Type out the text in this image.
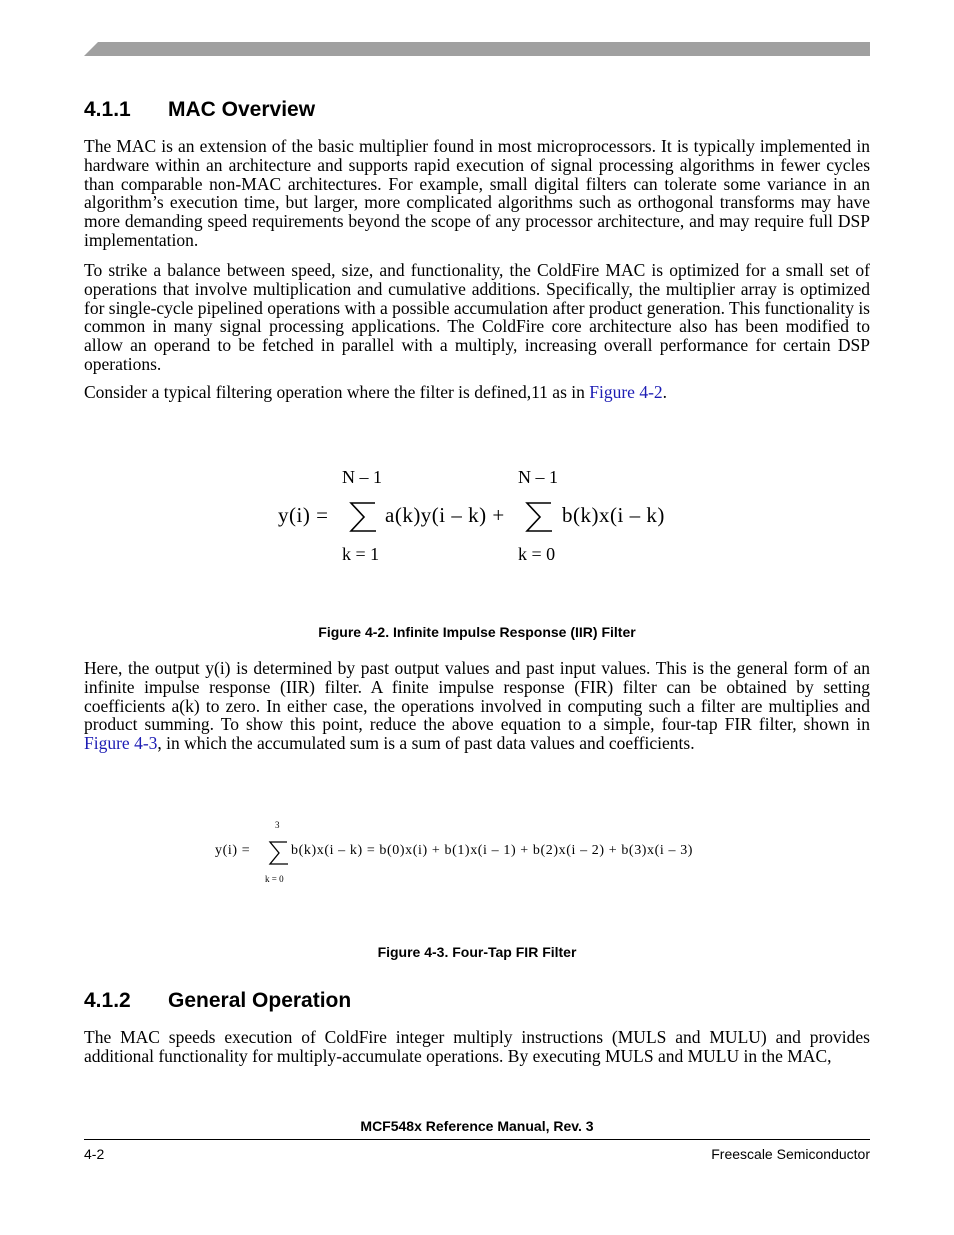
4.1.1 MAC Overview

The MAC is an extension of the basic multiplier found in most microprocessors. It is typically implemented in hardware within an architecture and supports rapid execution of signal processing algorithms in fewer cycles than comparable non-MAC architectures. For example, small digital filters can tolerate some variance in an algorithm’s execution time, but larger, more complicated algorithms such as orthogonal transforms may have more demanding speed requirements beyond the scope of any processor architecture, and may require full DSP implementation.

To strike a balance between speed, size, and functionality, the ColdFire MAC is optimized for a small set of operations that involve multiplication and cumulative additions. Specifically, the multiplier array is optimized for single-cycle pipelined operations with a possible accumulation after product generation. This functionality is common in many signal processing applications. The ColdFire core architecture also has been modified to allow an operand to be fetched in parallel with a multiply, increasing overall performance for certain DSP operations.

Consider a typical filtering operation where the filter is defined,11 as in Figure 4-2.

y(i) =
N – 1
k = 1
a(k)y(i – k) +
N – 1
k = 0
b(k)x(i – k)

Figure 4-2. Infinite Impulse Response (IIR) Filter

Here, the output y(i) is determined by past output values and past input values. This is the general form of an infinite impulse response (IIR) filter. A finite impulse response (FIR) filter can be obtained by setting coefficients a(k) to zero. In either case, the operations involved in computing such a filter are multiplies and product summing. To show this point, reduce the above equation to a simple, four-tap FIR filter, shown in Figure 4-3, in which the accumulated sum is a sum of past data values and coefficients.

y(i) =
3
k = 0
b(k)x(i – k) = b(0)x(i) + b(1)x(i – 1) + b(2)x(i – 2) + b(3)x(i – 3)

Figure 4-3. Four-Tap FIR Filter

4.1.2 General Operation

The MAC speeds execution of ColdFire integer multiply instructions (MULS and MULU) and provides additional functionality for multiply-accumulate operations. By executing MULS and MULU in the MAC,

MCF548x Reference Manual, Rev. 3

4-2	Freescale Semiconductor
